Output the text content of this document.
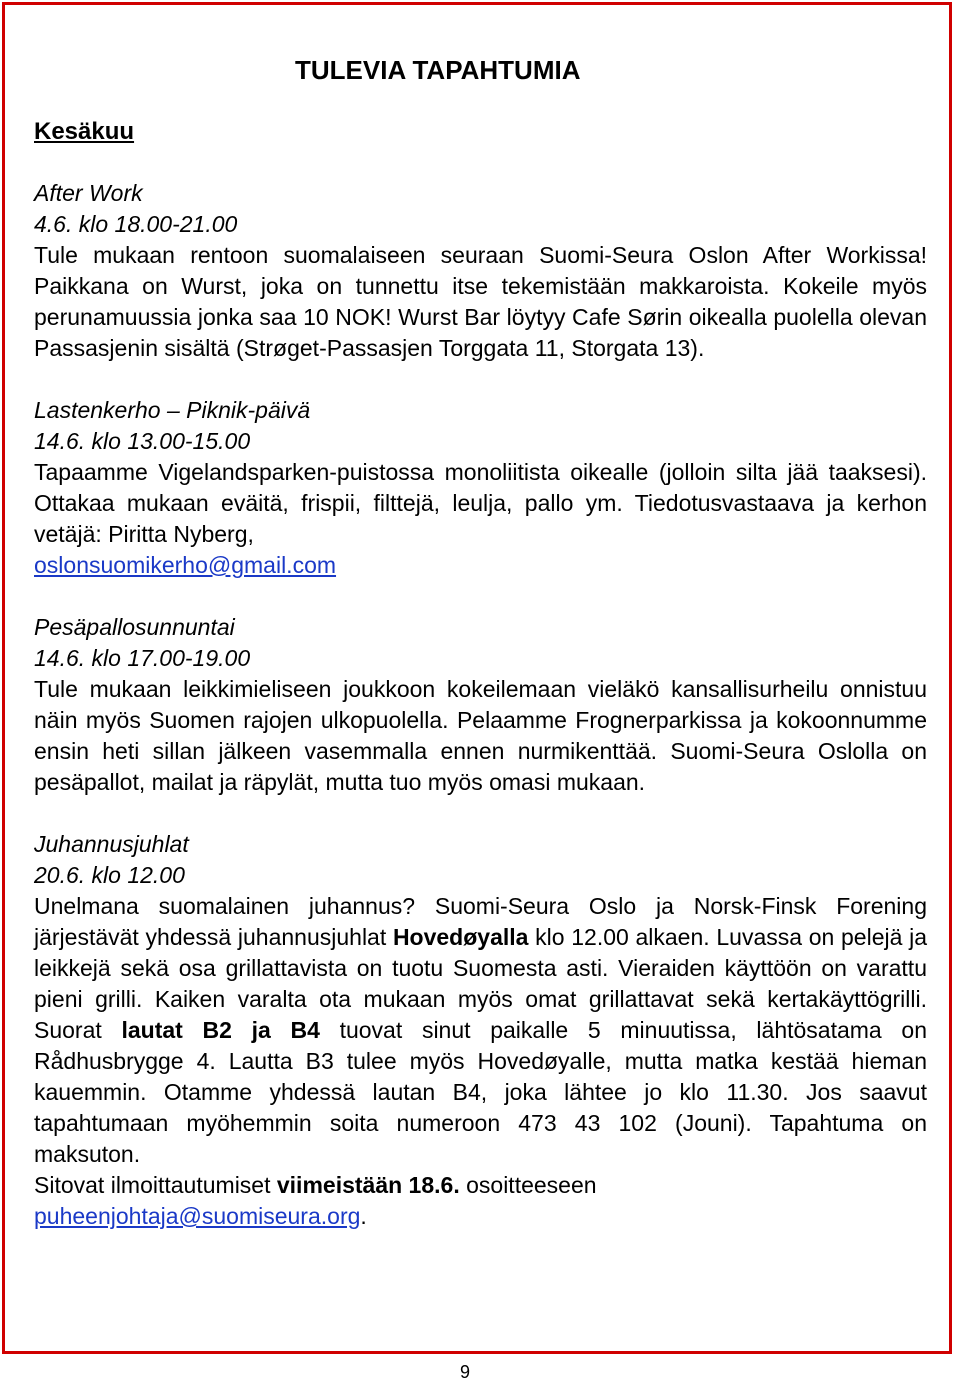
TULEVIA TAPAHTUMIA
Kesäkuu

After Work

4.6. klo 18.00-21.00

Tule mukaan rentoon suomalaiseen seuraan Suomi-Seura Oslon After Workissa! Paikkana on Wurst, joka on tunnettu itse tekemistään makkaroista. Kokeile myös perunamuussia jonka saa 10 NOK! Wurst Bar löytyy Cafe Sørin oikealla puolella olevan Passasjenin sisältä (Strøget-Passasjen Torggata 11, Storgata 13).

Lastenkerho – Piknik-päivä

14.6. klo 13.00-15.00

Tapaamme Vigelandsparken-puistossa monoliitista oikealle (jolloin silta jää taaksesi). Ottakaa mukaan eväitä, frispii, filttejä, leulja, pallo ym. Tiedotusvastaava ja kerhon vetäjä: Piritta Nyberg,

oslonsuomikerho@gmail.com

Pesäpallosunnuntai

14.6. klo 17.00-19.00

Tule mukaan leikkimieliseen joukkoon kokeilemaan vieläkö kansallisurheilu onnistuu näin myös Suomen rajojen ulkopuolella. Pelaamme Frognerparkissa ja kokoonnumme ensin heti sillan jälkeen vasemmalla ennen nurmikenttää. Suomi-Seura Oslolla on pesäpallot, mailat ja räpylät, mutta tuo myös omasi mukaan.

Juhannusjuhlat

20.6. klo 12.00

Unelmana suomalainen juhannus? Suomi-Seura Oslo ja Norsk-Finsk Forening järjestävät yhdessä juhannusjuhlat Hovedøyalla klo 12.00 alkaen. Luvassa on pelejä ja leikkejä sekä osa grillattavista on tuotu Suomesta asti. Vieraiden käyttöön on varattu pieni grilli. Kaiken varalta ota mukaan myös omat grillattavat sekä kertakäyttögrilli. Suorat lautat B2 ja B4 tuovat sinut paikalle 5 minuutissa, lähtösatama on Rådhusbrygge 4. Lautta B3 tulee myös Hovedøyalle, mutta matka kestää hieman kauemmin. Otamme yhdessä lautan B4, joka lähtee jo klo 11.30. Jos saavut tapahtumaan myöhemmin soita numeroon 473 43 102 (Jouni). Tapahtuma on maksuton.

Sitovat ilmoittautumiset viimeistään 18.6. osoitteeseen

puheenjohtaja@suomiseura.org.

9
